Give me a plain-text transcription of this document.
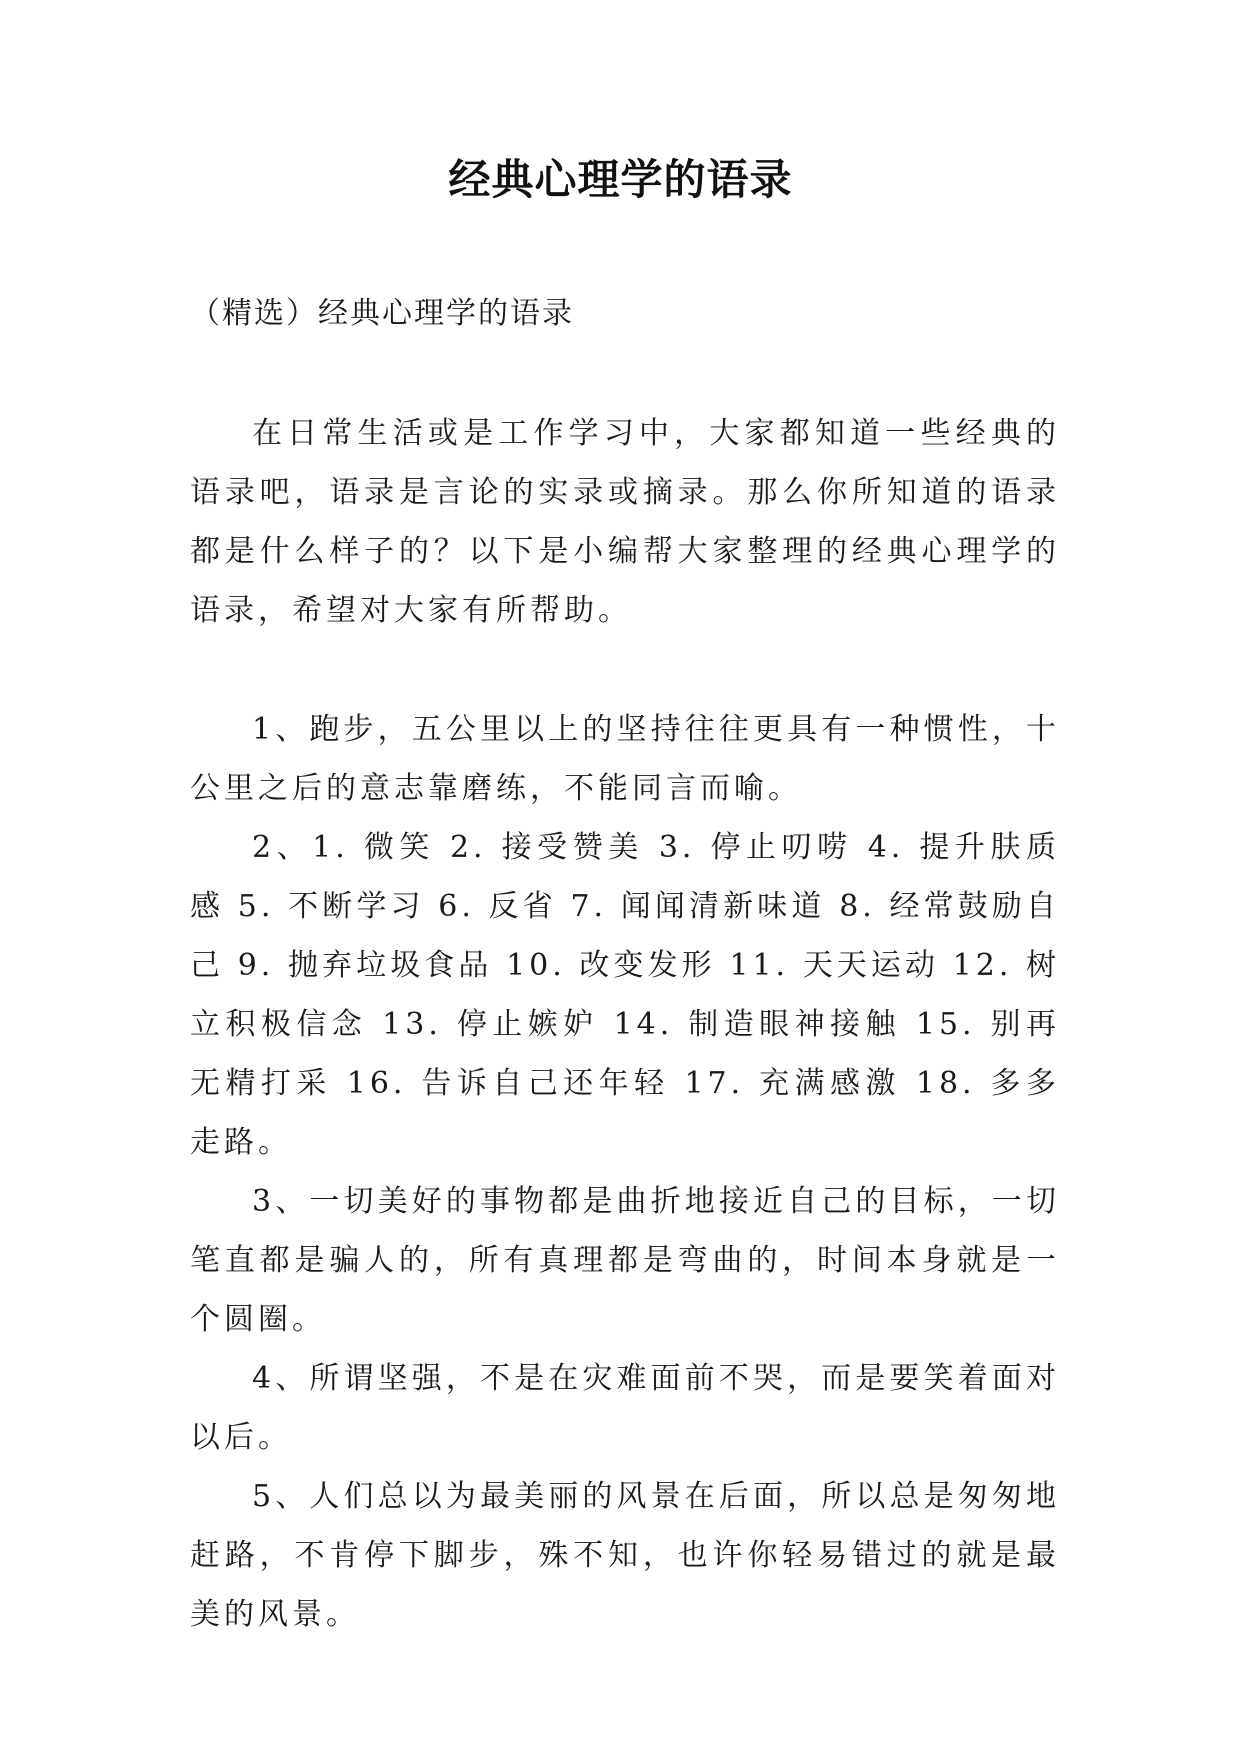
经典心理学的语录

（精选）经典心理学的语录

在日常生活或是工作学习中，大家都知道一些经典的语录吧，语录是言论的实录或摘录。那么你所知道的语录都是什么样子的？以下是小编帮大家整理的经典心理学的语录，希望对大家有所帮助。

1、跑步，五公里以上的坚持往往更具有一种惯性，十公里之后的意志靠磨练，不能同言而喻。

2、1. 微笑 2. 接受赞美 3. 停止叨唠 4. 提升肤质感 5. 不断学习 6. 反省 7. 闻闻清新味道 8. 经常鼓励自己 9. 抛弃垃圾食品 10. 改变发形 11. 天天运动 12. 树立积极信念 13. 停止嫉妒 14. 制造眼神接触 15. 别再无精打采 16. 告诉自己还年轻 17. 充满感激 18. 多多走路。

3、一切美好的事物都是曲折地接近自己的目标，一切笔直都是骗人的，所有真理都是弯曲的，时间本身就是一个圆圈。

4、所谓坚强，不是在灾难面前不哭，而是要笑着面对以后。

5、人们总以为最美丽的风景在后面，所以总是匆匆地赶路，不肯停下脚步，殊不知，也许你轻易错过的就是最美的风景。
